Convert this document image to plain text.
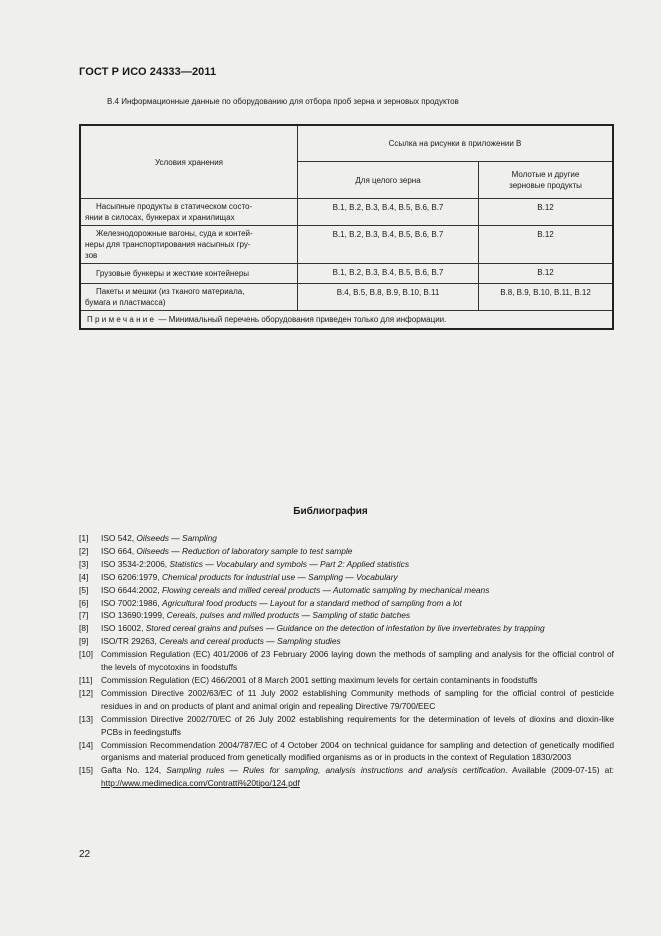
ГОСТ Р ИСО 24333—2011
B.4 Информационные данные по оборудованию для отбора проб зерна и зерновых продуктов
Условия хранения	Ссылка на рисунки в приложении B	
	Для целого зерна	Молотые и другие
зерновые продукты

Насыпные продукты в статическом состо-
янии в силосах, бункерах и хранилищах	B.1, B.2, B.3, B.4, B.5, B.6, B.7	B.12

Железнодорожные вагоны, суда и контей-
неры для транспортирования насыпных гру-
зов	B.1, B.2, B.3, B.4, B.5, B.6, B.7	B.12

Грузовые бункеры и жесткие контейнеры	B.1, B.2, B.3, B.4, B.5, B.6, B.7	B.12

Пакеты и мешки (из тканого материала,
бумага и пластмасса)	B.4, B.5, B.8, B.9, B.10, B.11	B.8, B.9, B.10, B.11, B.12
Примечание — Минимальный перечень оборудования приведен только для информации.		
Библиография
[1]	ISO 542, Oilseeds — Sampling
[2]	ISO 664, Oilseeds — Reduction of laboratory sample to test sample
[3]	ISO 3534-2:2006, Statistics — Vocabulary and symbols — Part 2: Applied statistics
[4]	ISO 6206:1979, Chemical products for industrial use — Sampling — Vocabulary
[5]	ISO 6644:2002, Flowing cereals and milled cereal products — Automatic sampling by mechanical means
[6]	ISO 7002:1986, Agricultural food products — Layout for a standard method of sampling from a lot
[7]	ISO 13690:1999, Cereals, pulses and milled products — Sampling of static batches
[8]	ISO 16002, Stored cereal grains and pulses — Guidance on the detection of infestation by live invertebrates by trapping
[9]	ISO/TR 29263, Cereals and cereal products — Sampling studies
[10] Commission Regulation (EC) 401/2006 of 23 February 2006 laying down the methods of sampling and analysis for the official control of the levels of mycotoxins in foodstuffs
[11]	Commission Regulation (EC) 466/2001 of 8 March 2001 setting maximum levels for certain contaminants in foodstuffs
[12] Commission Directive 2002/63/EC of 11 July 2002 establishing Community methods of sampling for the official control of pesticide residues in and on products of plant and animal origin and repealing Directive 79/700/EEC
[13] Commission Directive 2002/70/EC of 26 July 2002 establishing requirements for the determination of levels of dioxins and dioxin-like PCBs in feedingstuffs
[14] Commission Recommendation 2004/787/EC of 4 October 2004 on technical guidance for sampling and detection of genetically modified organisms and material produced from genetically modified organisms as or in products in the context of Regulation 1830/2003
[15] Gafta No. 124, Sampling rules — Rules for sampling, analysis instructions and analysis certification. Available (2009-07-15) at: http://www.medimedica.com/Contratti%20tipo/124.pdf
22
